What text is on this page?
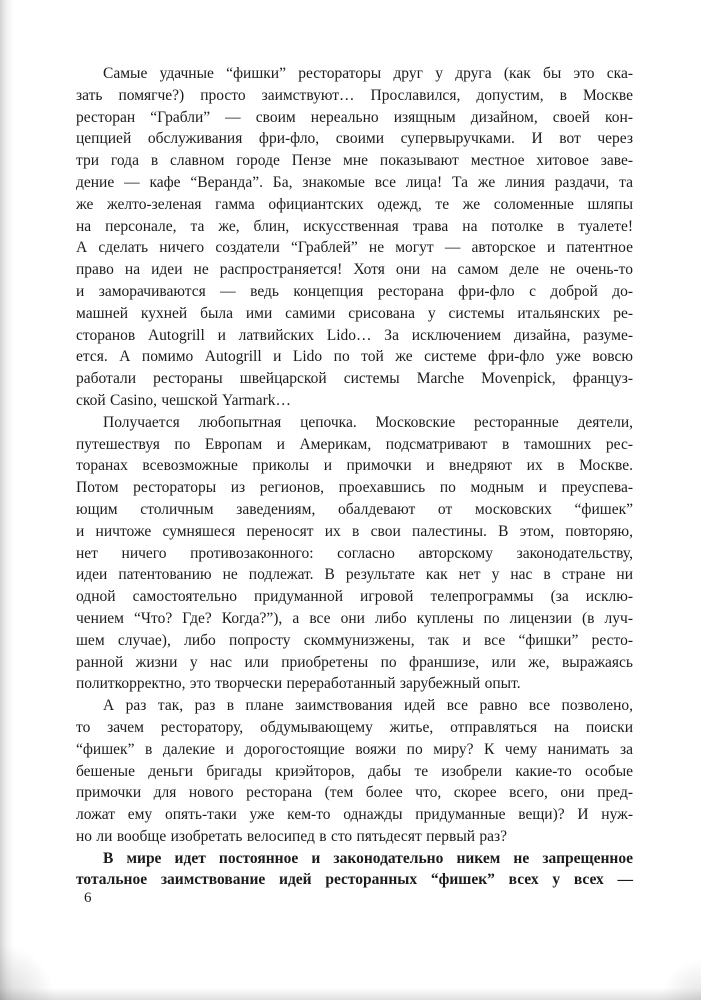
Самые удачные “фишки” рестораторы друг у друга (как бы это ска-
зать помягче?) просто заимствуют… Прославился, допустим, в Москве
ресторан “Грабли” — своим нереально изящным дизайном, своей кон-
цепцией обслуживания фри-фло, своими супервыручками. И вот через
три года в славном городе Пензе мне показывают местное хитовое заве-
дение — кафе “Веранда”. Ба, знакомые все лица! Та же линия раздачи, та
же желто-зеленая гамма официантских одежд, те же соломенные шляпы
на персонале, та же, блин, искусственная трава на потолке в туалете!
А сделать ничего создатели “Граблей” не могут — авторское и патентное
право на идеи не распространяется! Хотя они на самом деле не очень-то
и заморачиваются — ведь концепция ресторана фри-фло с доброй до-
машней кухней была ими самими срисована у системы итальянских ре-
сторанов Autogrill и латвийских Lido… За исключением дизайна, разуме-
ется. А помимо Autogrill и Lido по той же системе фри-фло уже вовсю
работали рестораны швейцарской системы Marche Movenpick, француз-
ской Casino, чешской Yarmark…
Получается любопытная цепочка. Московские ресторанные деятели,
путешествуя по Европам и Америкам, подсматривают в тамошних рес-
торанах всевозможные приколы и примочки и внедряют их в Москве.
Потом рестораторы из регионов, проехавшись по модным и преуспева-
ющим столичным заведениям, обалдевают от московских “фишек”
и ничтоже сумняшеся переносят их в свои палестины. В этом, повторяю,
нет ничего противозаконного: согласно авторскому законодательству,
идеи патентованию не подлежат. В результате как нет у нас в стране ни
одной самостоятельно придуманной игровой телепрограммы (за исклю-
чением “Что? Где? Когда?”), а все они либо куплены по лицензии (в луч-
шем случае), либо попросту скоммунизжены, так и все “фишки” ресто-
ранной жизни у нас или приобретены по франшизе, или же, выражаясь
политкорректно, это творчески переработанный зарубежный опыт.
А раз так, раз в плане заимствования идей все равно все позволено,
то зачем ресторатору, обдумывающему житье, отправляться на поиски
“фишек” в далекие и дорогостоящие вояжи по миру? К чему нанимать за
бешеные деньги бригады криэйторов, дабы те изобрели какие-то особые
примочки для нового ресторана (тем более что, скорее всего, они пред-
ложат ему опять-таки уже кем-то однажды придуманные вещи)? И нуж-
но ли вообще изобретать велосипед в сто пятьдесят первый раз?
В мире идет постоянное и законодательно никем не запрещенное
тотальное заимствование идей ресторанных “фишек” всех у всех —
6
